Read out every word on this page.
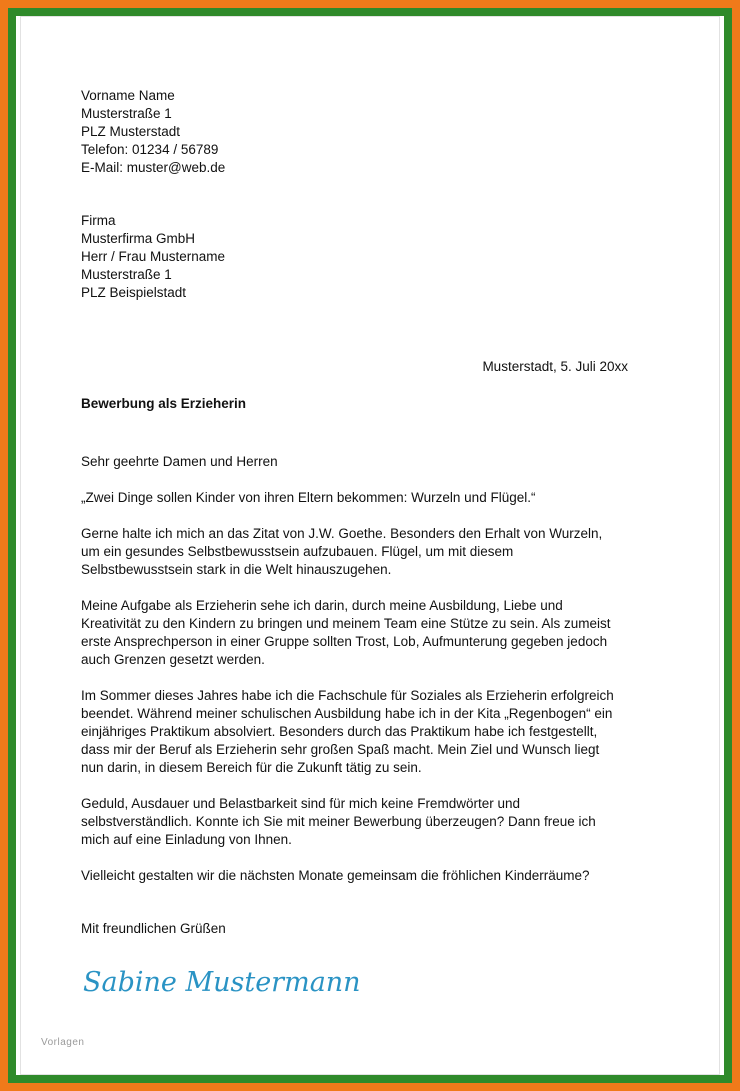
Vorname Name
Musterstraße 1
PLZ Musterstadt
Telefon: 01234 / 56789
E-Mail: muster@web.de
Firma
Musterfirma GmbH
Herr / Frau Mustername
Musterstraße 1
PLZ Beispielstadt
Musterstadt, 5. Juli 20xx
Bewerbung als Erzieherin
Sehr geehrte Damen und Herren
„Zwei Dinge sollen Kinder von ihren Eltern bekommen: Wurzeln und Flügel.“
Gerne halte ich mich an das Zitat von J.W. Goethe. Besonders den Erhalt von Wurzeln,
um ein gesundes Selbstbewusstsein aufzubauen. Flügel, um mit diesem
Selbstbewusstsein stark in die Welt hinauszugehen.
Meine Aufgabe als Erzieherin sehe ich darin, durch meine Ausbildung, Liebe und
Kreativität zu den Kindern zu bringen und meinem Team eine Stütze zu sein. Als zumeist
erste Ansprechperson in einer Gruppe sollten Trost, Lob, Aufmunterung gegeben jedoch
auch Grenzen gesetzt werden.
Im Sommer dieses Jahres habe ich die Fachschule für Soziales als Erzieherin erfolgreich
beendet. Während meiner schulischen Ausbildung habe ich in der Kita „Regenbogen“ ein
einjähriges Praktikum absolviert. Besonders durch das Praktikum habe ich festgestellt,
dass mir der Beruf als Erzieherin sehr großen Spaß macht. Mein Ziel und Wunsch liegt
nun darin, in diesem Bereich für die Zukunft tätig zu sein.
Geduld, Ausdauer und Belastbarkeit sind für mich keine Fremdwörter und
selbstverständlich. Konnte ich Sie mit meiner Bewerbung überzeugen? Dann freue ich
mich auf eine Einladung von Ihnen.
Vielleicht gestalten wir die nächsten Monate gemeinsam die fröhlichen Kinderräume?
Mit freundlichen Grüßen
Sabine Mustermann
Vorlagen
